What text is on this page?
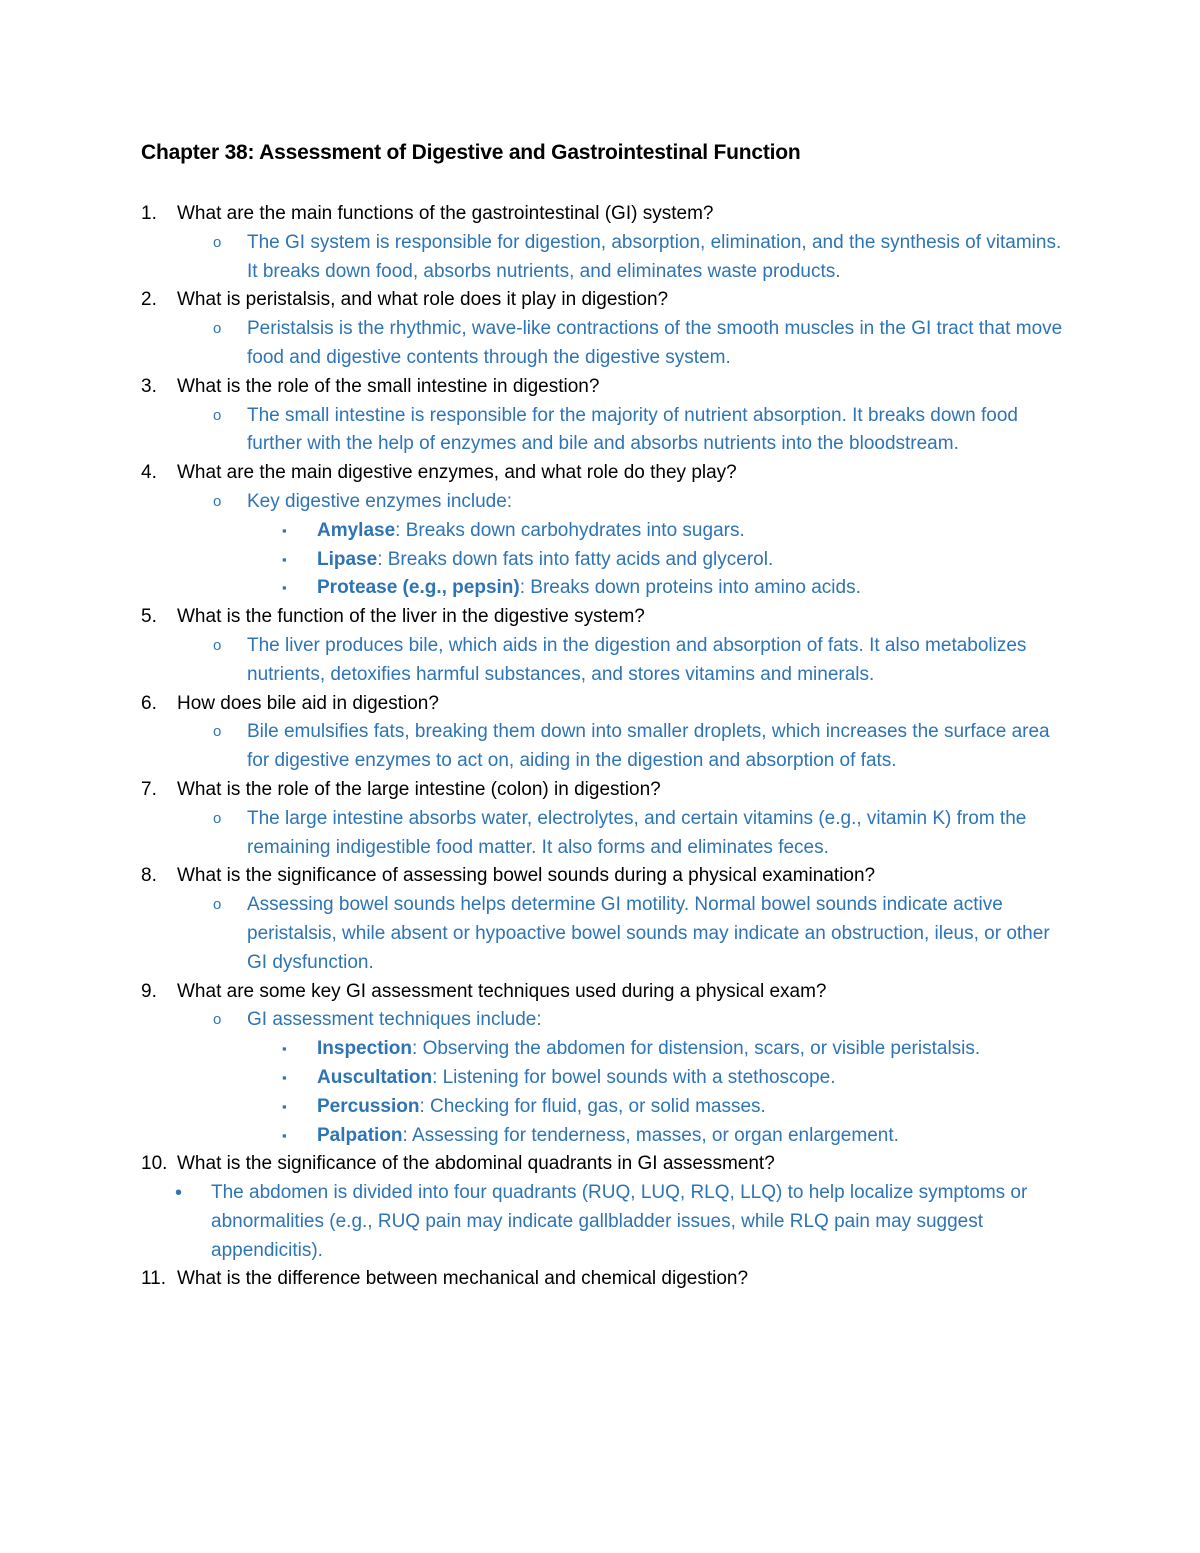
Chapter 38: Assessment of Digestive and Gastrointestinal Function
1. What are the main functions of the gastrointestinal (GI) system?
o The GI system is responsible for digestion, absorption, elimination, and the synthesis of vitamins. It breaks down food, absorbs nutrients, and eliminates waste products.
2. What is peristalsis, and what role does it play in digestion?
o Peristalsis is the rhythmic, wave-like contractions of the smooth muscles in the GI tract that move food and digestive contents through the digestive system.
3. What is the role of the small intestine in digestion?
o The small intestine is responsible for the majority of nutrient absorption. It breaks down food further with the help of enzymes and bile and absorbs nutrients into the bloodstream.
4. What are the main digestive enzymes, and what role do they play?
o Key digestive enzymes include:
▪ Amylase: Breaks down carbohydrates into sugars.
▪ Lipase: Breaks down fats into fatty acids and glycerol.
▪ Protease (e.g., pepsin): Breaks down proteins into amino acids.
5. What is the function of the liver in the digestive system?
o The liver produces bile, which aids in the digestion and absorption of fats. It also metabolizes nutrients, detoxifies harmful substances, and stores vitamins and minerals.
6. How does bile aid in digestion?
o Bile emulsifies fats, breaking them down into smaller droplets, which increases the surface area for digestive enzymes to act on, aiding in the digestion and absorption of fats.
7. What is the role of the large intestine (colon) in digestion?
o The large intestine absorbs water, electrolytes, and certain vitamins (e.g., vitamin K) from the remaining indigestible food matter. It also forms and eliminates feces.
8. What is the significance of assessing bowel sounds during a physical examination?
o Assessing bowel sounds helps determine GI motility. Normal bowel sounds indicate active peristalsis, while absent or hypoactive bowel sounds may indicate an obstruction, ileus, or other GI dysfunction.
9. What are some key GI assessment techniques used during a physical exam?
o GI assessment techniques include:
▪ Inspection: Observing the abdomen for distension, scars, or visible peristalsis.
▪ Auscultation: Listening for bowel sounds with a stethoscope.
▪ Percussion: Checking for fluid, gas, or solid masses.
▪ Palpation: Assessing for tenderness, masses, or organ enlargement.
10. What is the significance of the abdominal quadrants in GI assessment?
• The abdomen is divided into four quadrants (RUQ, LUQ, RLQ, LLQ) to help localize symptoms or abnormalities (e.g., RUQ pain may indicate gallbladder issues, while RLQ pain may suggest appendicitis).
11. What is the difference between mechanical and chemical digestion?
